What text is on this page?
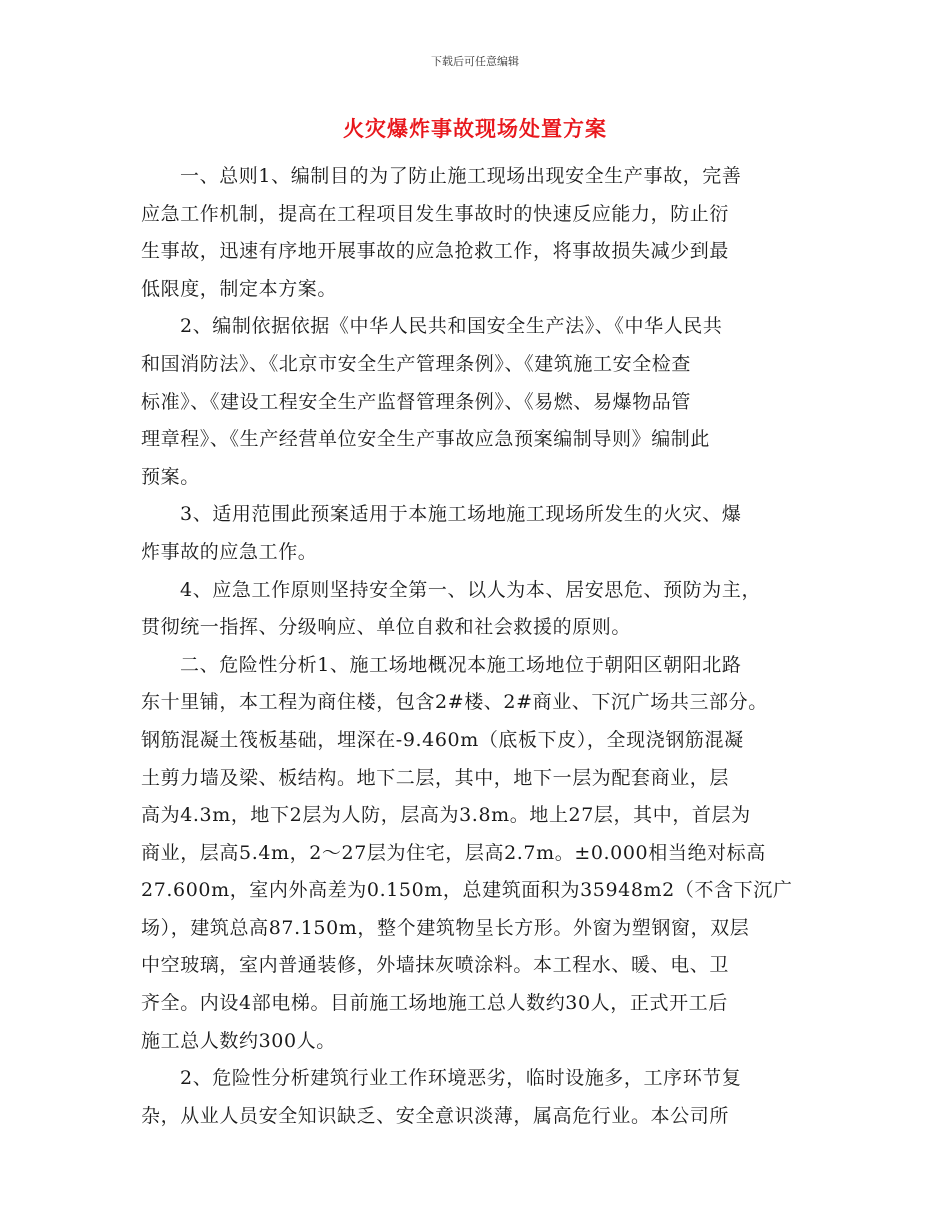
下载后可任意编辑
火灾爆炸事故现场处置方案
一、总则1、编制目的为了防止施工现场出现安全生产事故，完善
应急工作机制，提高在工程项目发生事故时的快速反应能力，防止衍
生事故，迅速有序地开展事故的应急抢救工作，将事故损失减少到最
低限度，制定本方案。
2、编制依据依据《中华人民共和国安全生产法》、《中华人民共
和国消防法》、《北京市安全生产管理条例》、《建筑施工安全检查
标准》、《建设工程安全生产监督管理条例》、《易燃、易爆物品管
理章程》、《生产经营单位安全生产事故应急预案编制导则》编制此
预案。
3、适用范围此预案适用于本施工场地施工现场所发生的火灾、爆
炸事故的应急工作。
4、应急工作原则坚持安全第一、以人为本、居安思危、预防为主，
贯彻统一指挥、分级响应、单位自救和社会救援的原则。
二、危险性分析1、施工场地概况本施工场地位于朝阳区朝阳北路
东十里铺，本工程为商住楼，包含2#楼、2#商业、下沉广场共三部分。
钢筋混凝土筏板基础，埋深在-9.460m（底板下皮），全现浇钢筋混凝
土剪力墙及梁、板结构。地下二层，其中，地下一层为配套商业，层
高为4.3m，地下2层为人防，层高为3.8m。地上27层，其中，首层为
商业，层高5.4m，2～27层为住宅，层高2.7m。±0.000相当绝对标高
27.600m，室内外高差为0.150m，总建筑面积为35948m2（不含下沉广
场），建筑总高87.150m，整个建筑物呈长方形。外窗为塑钢窗，双层
中空玻璃，室内普通装修，外墙抹灰喷涂料。本工程水、暖、电、卫
齐全。内设4部电梯。目前施工场地施工总人数约30人，正式开工后
施工总人数约300人。
2、危险性分析建筑行业工作环境恶劣，临时设施多，工序环节复
杂，从业人员安全知识缺乏、安全意识淡薄，属高危行业。本公司所
